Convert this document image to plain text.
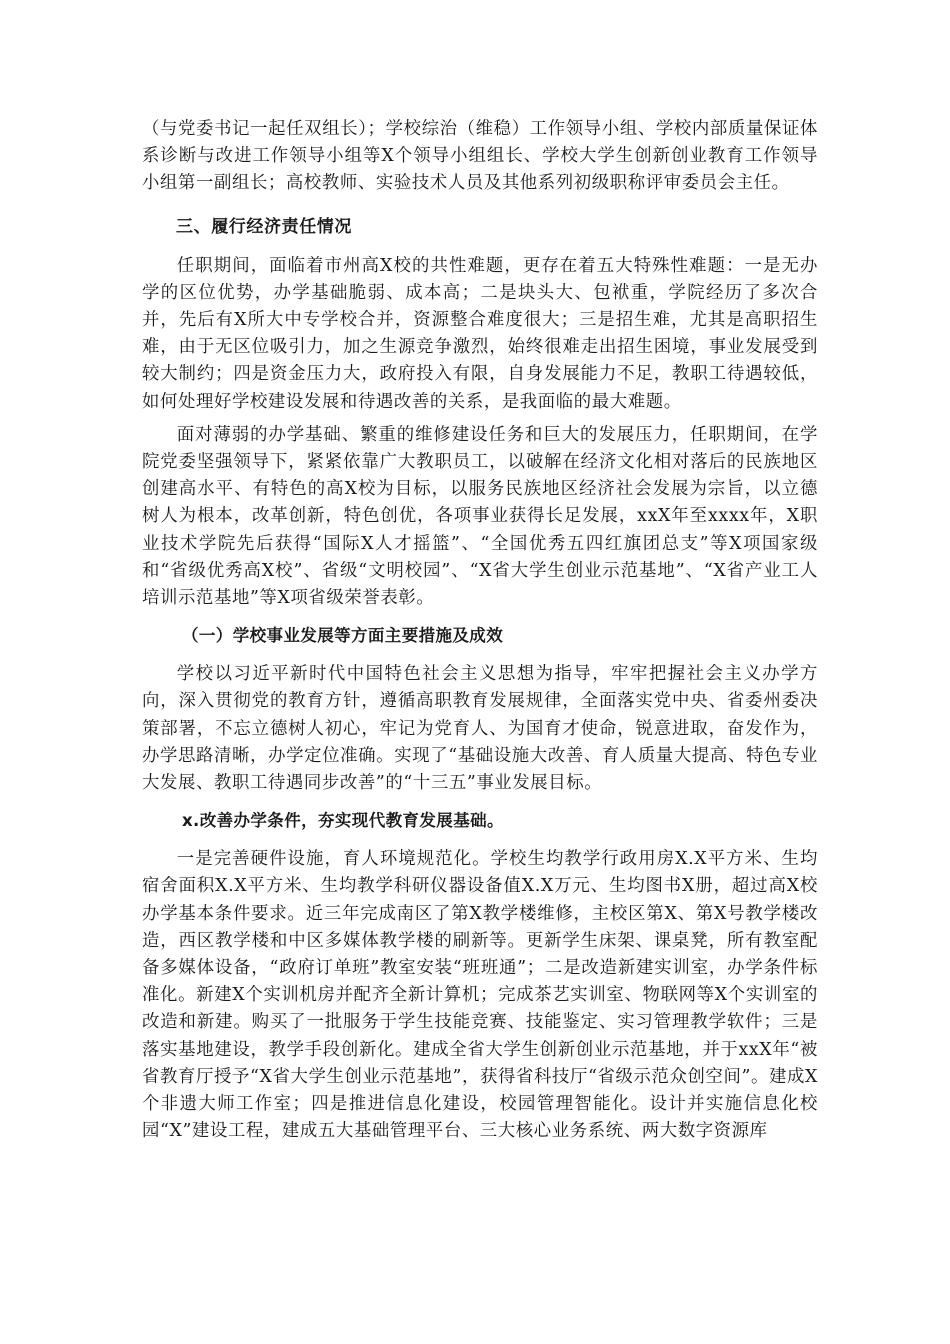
（与党委书记一起任双组长）；学校综治（维稳）工作领导小组、学校内部质量保证体系诊断与改进工作领导小组等X个领导小组组长、学校大学生创新创业教育工作领导小组第一副组长；高校教师、实验技术人员及其他系列初级职称评审委员会主任。

三、履行经济责任情况

任职期间，面临着市州高X校的共性难题，更存在着五大特殊性难题：一是无办学的区位优势，办学基础脆弱、成本高；二是块头大、包袱重，学院经历了多次合并，先后有X所大中专学校合并，资源整合难度很大；三是招生难，尤其是高职招生难，由于无区位吸引力，加之生源竞争激烈，始终很难走出招生困境，事业发展受到较大制约；四是资金压力大，政府投入有限，自身发展能力不足，教职工待遇较低，如何处理好学校建设发展和待遇改善的关系，是我面临的最大难题。

面对薄弱的办学基础、繁重的维修建设任务和巨大的发展压力，任职期间，在学院党委坚强领导下，紧紧依靠广大教职员工，以破解在经济文化相对落后的民族地区创建高水平、有特色的高X校为目标，以服务民族地区经济社会发展为宗旨，以立德树人为根本，改革创新，特色创优，各项事业获得长足发展，xxX年至xxxx年，X职业技术学院先后获得“国际X人才摇篮”、“全国优秀五四红旗团总支”等X项国家级和“省级优秀高X校”、省级“文明校园”、“X省大学生创业示范基地”、“X省产业工人培训示范基地”等X项省级荣誉表彰。

（一）学校事业发展等方面主要措施及成效

学校以习近平新时代中国特色社会主义思想为指导，牢牢把握社会主义办学方向，深入贯彻党的教育方针，遵循高职教育发展规律，全面落实党中央、省委州委决策部署，不忘立德树人初心，牢记为党育人、为国育才使命，锐意进取，奋发作为，办学思路清晰，办学定位准确。实现了“基础设施大改善、育人质量大提高、特色专业大发展、教职工待遇同步改善”的“十三五”事业发展目标。

x.改善办学条件，夯实现代教育发展基础。

一是完善硬件设施，育人环境规范化。学校生均教学行政用房X.X平方米、生均宿舍面积X.X平方米、生均教学科研仪器设备值X.X万元、生均图书X册，超过高X校办学基本条件要求。近三年完成南区了第X教学楼维修，主校区第X、第X号教学楼改造，西区教学楼和中区多媒体教学楼的刷新等。更新学生床架、课桌凳，所有教室配备多媒体设备，“政府订单班”教室安装“班班通”；二是改造新建实训室，办学条件标准化。新建X个实训机房并配齐全新计算机；完成茶艺实训室、物联网等X个实训室的改造和新建。购买了一批服务于学生技能竞赛、技能鉴定、实习管理教学软件；三是落实基地建设，教学手段创新化。建成全省大学生创新创业示范基地，并于xxX年“被省教育厅授予“X省大学生创业示范基地”，获得省科技厅“省级示范众创空间”。建成X个非遗大师工作室；四是推进信息化建设，校园管理智能化。设计并实施信息化校园“X”建设工程，建成五大基础管理平台、三大核心业务系统、两大数字资源库
